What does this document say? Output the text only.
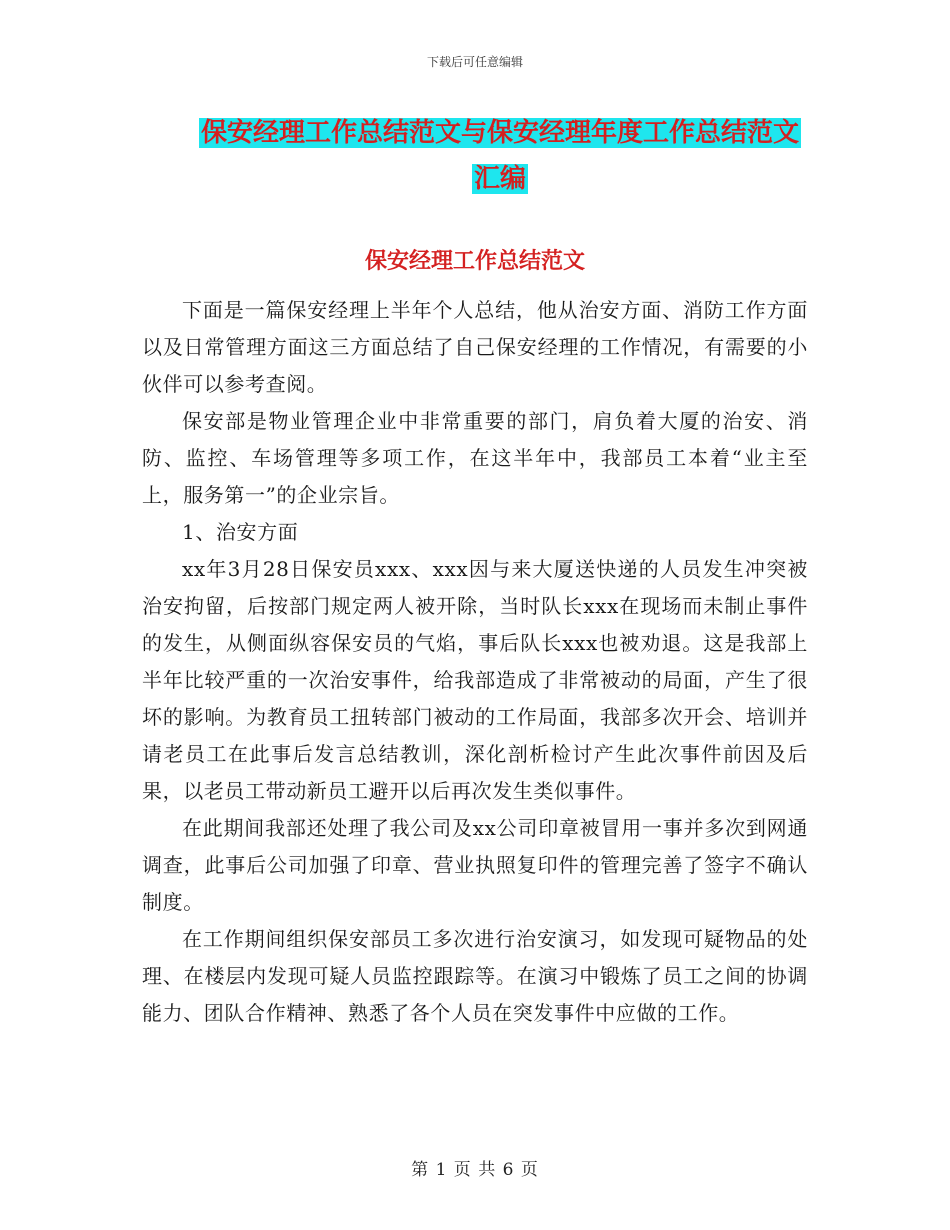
下载后可任意编辑
保安经理工作总结范文与保安经理年度工作总结范文
汇编
保安经理工作总结范文

下面是一篇保安经理上半年个人总结，他从治安方面、消防工作方面以及日常管理方面这三方面总结了自己保安经理的工作情况，有需要的小伙伴可以参考查阅。

保安部是物业管理企业中非常重要的部门，肩负着大厦的治安、消防、监控、车场管理等多项工作，在这半年中，我部员工本着“业主至上，服务第一”的企业宗旨。

1、治安方面

xx年3月28日保安员xxx、xxx因与来大厦送快递的人员发生冲突被治安拘留，后按部门规定两人被开除，当时队长xxx在现场而未制止事件的发生，从侧面纵容保安员的气焰，事后队长xxx也被劝退。这是我部上半年比较严重的一次治安事件，给我部造成了非常被动的局面，产生了很坏的影响。为教育员工扭转部门被动的工作局面，我部多次开会、培训并请老员工在此事后发言总结教训，深化剖析检讨产生此次事件前因及后果，以老员工带动新员工避开以后再次发生类似事件。

在此期间我部还处理了我公司及xx公司印章被冒用一事并多次到网通调查，此事后公司加强了印章、营业执照复印件的管理完善了签字不确认制度。

在工作期间组织保安部员工多次进行治安演习，如发现可疑物品的处理、在楼层内发现可疑人员监控跟踪等。在演习中锻炼了员工之间的协调能力、团队合作精神、熟悉了各个人员在突发事件中应做的工作。

第 1 页 共 6 页
